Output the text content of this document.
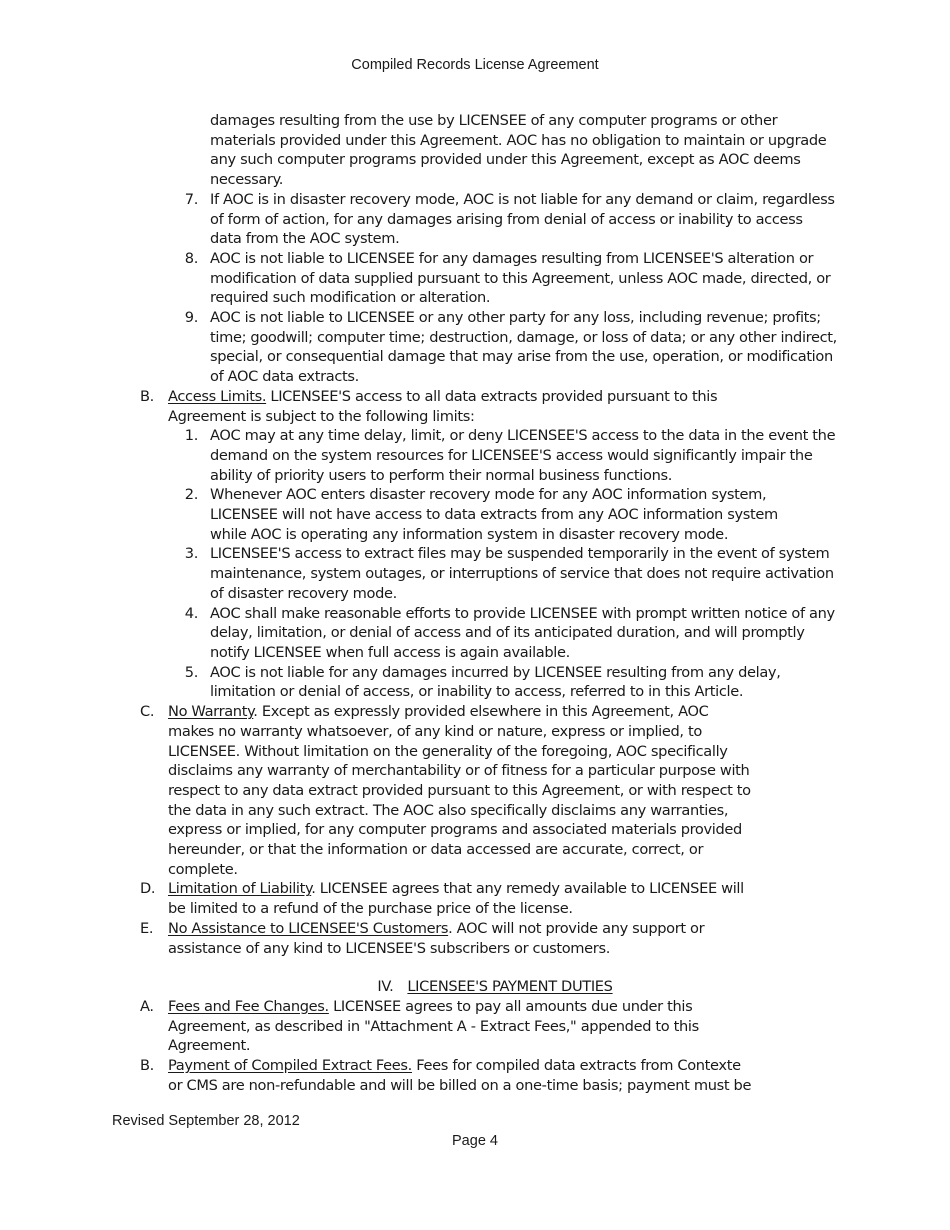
Compiled Records License Agreement
damages resulting from the use by LICENSEE of any computer programs or other materials provided under this Agreement. AOC has no obligation to maintain or upgrade any such computer programs provided under this Agreement, except as AOC deems necessary.
7. If AOC is in disaster recovery mode, AOC is not liable for any demand or claim, regardless of form of action, for any damages arising from denial of access or inability to access data from the AOC system.
8. AOC is not liable to LICENSEE for any damages resulting from LICENSEE'S alteration or modification of data supplied pursuant to this Agreement, unless AOC made, directed, or required such modification or alteration.
9. AOC is not liable to LICENSEE or any other party for any loss, including revenue; profits; time; goodwill; computer time; destruction, damage, or loss of data; or any other indirect, special, or consequential damage that may arise from the use, operation, or modification of AOC data extracts.
B. Access Limits. LICENSEE'S access to all data extracts provided pursuant to this Agreement is subject to the following limits:
1. AOC may at any time delay, limit, or deny LICENSEE'S access to the data in the event the demand on the system resources for LICENSEE'S access would significantly impair the ability of priority users to perform their normal business functions.
2. Whenever AOC enters disaster recovery mode for any AOC information system, LICENSEE will not have access to data extracts from any AOC information system while AOC is operating any information system in disaster recovery mode.
3. LICENSEE'S access to extract files may be suspended temporarily in the event of system maintenance, system outages, or interruptions of service that does not require activation of disaster recovery mode.
4. AOC shall make reasonable efforts to provide LICENSEE with prompt written notice of any delay, limitation, or denial of access and of its anticipated duration, and will promptly notify LICENSEE when full access is again available.
5. AOC is not liable for any damages incurred by LICENSEE resulting from any delay, limitation or denial of access, or inability to access, referred to in this Article.
C. No Warranty. Except as expressly provided elsewhere in this Agreement, AOC makes no warranty whatsoever, of any kind or nature, express or implied, to LICENSEE. Without limitation on the generality of the foregoing, AOC specifically disclaims any warranty of merchantability or of fitness for a particular purpose with respect to any data extract provided pursuant to this Agreement, or with respect to the data in any such extract. The AOC also specifically disclaims any warranties, express or implied, for any computer programs and associated materials provided hereunder, or that the information or data accessed are accurate, correct, or complete.
D. Limitation of Liability. LICENSEE agrees that any remedy available to LICENSEE will be limited to a refund of the purchase price of the license.
E. No Assistance to LICENSEE'S Customers. AOC will not provide any support or assistance of any kind to LICENSEE'S subscribers or customers.
IV. LICENSEE'S PAYMENT DUTIES
A. Fees and Fee Changes. LICENSEE agrees to pay all amounts due under this Agreement, as described in "Attachment A - Extract Fees," appended to this Agreement.
B. Payment of Compiled Extract Fees. Fees for compiled data extracts from Contexte or CMS are non-refundable and will be billed on a one-time basis; payment must be
Revised September 28, 2012
Page 4
